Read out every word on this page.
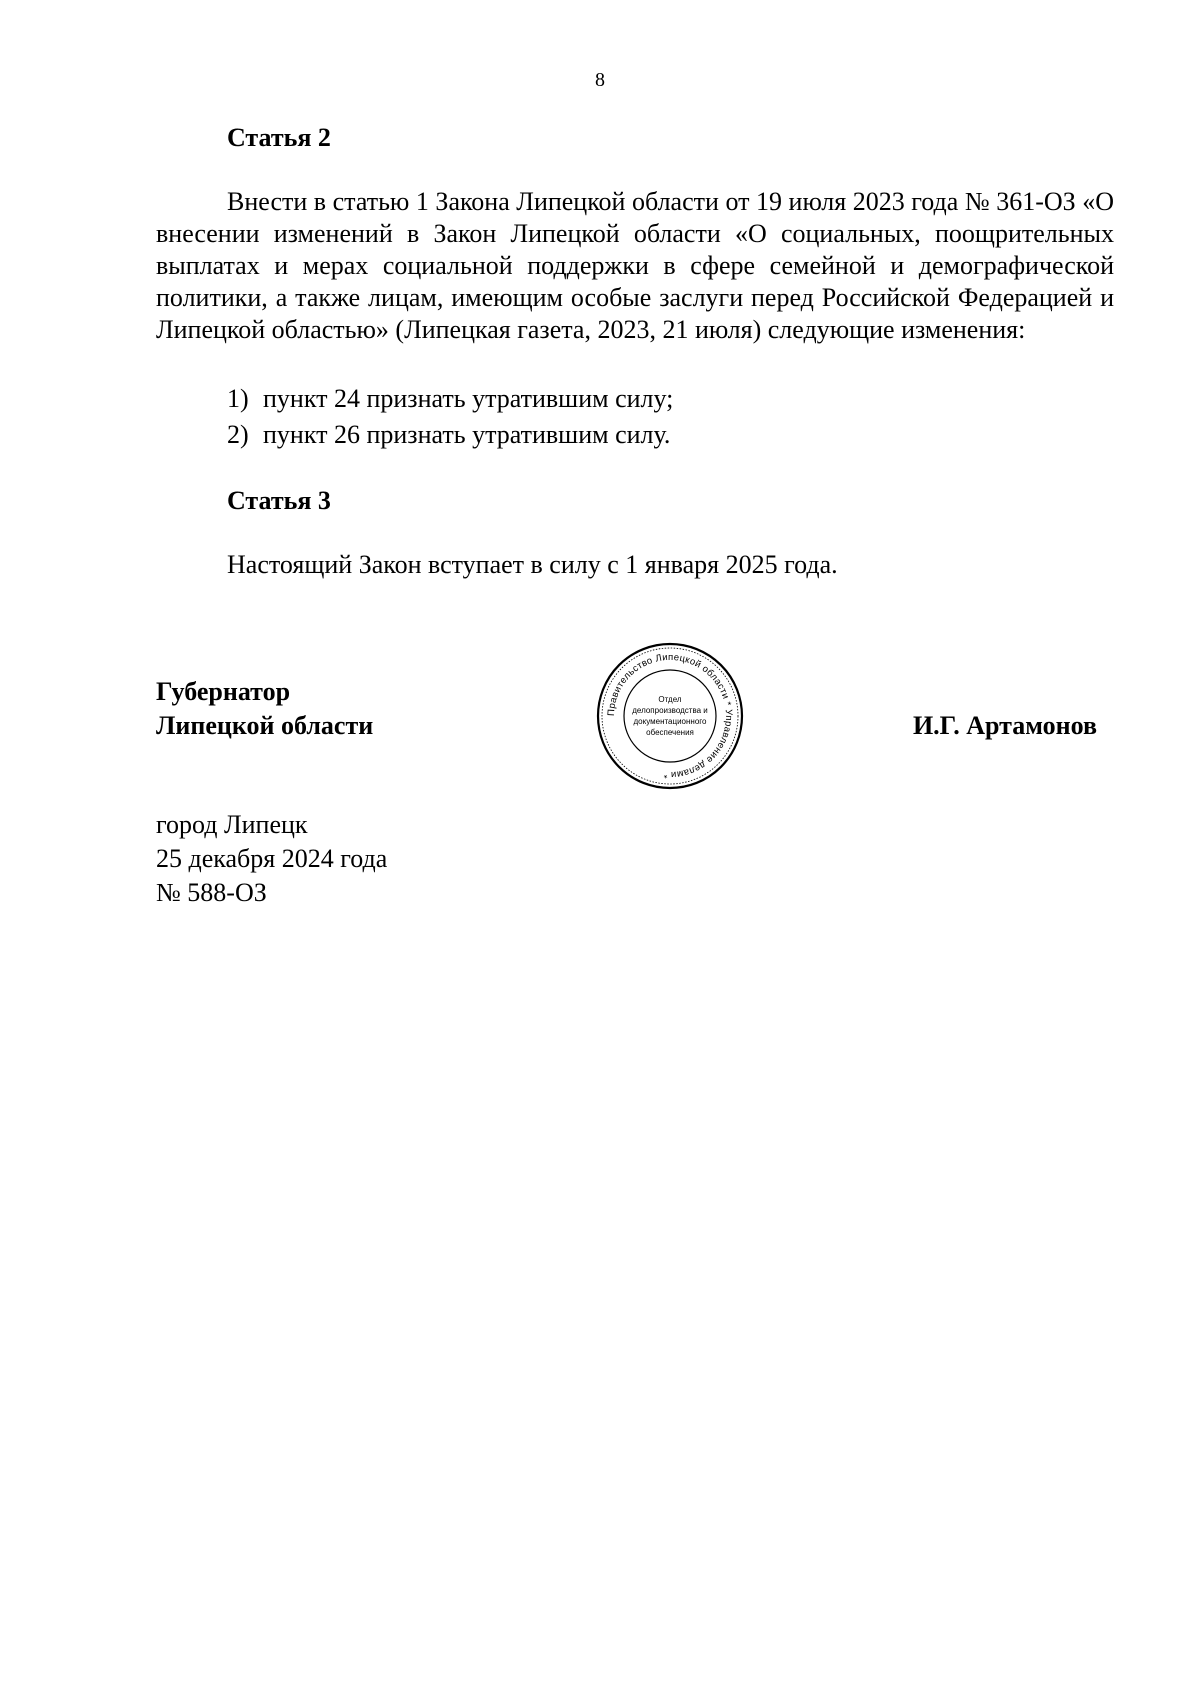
8
Статья 2
Внести в статью 1 Закона Липецкой области от 19 июля 2023 года № 361-ОЗ «О внесении изменений в Закон Липецкой области «О социальных, поощрительных выплатах и мерах социальной поддержки в сфере семейной и демографической политики, а также лицам, имеющим особые заслуги перед Российской Федерацией и Липецкой областью» (Липецкая газета, 2023, 21 июля) следующие изменения:
1) пункт 24 признать утратившим силу;
2) пункт 26 признать утратившим силу.
Статья 3
Настоящий Закон вступает в силу с 1 января 2025 года.
Губернатор
Липецкой области	Правительство Липецкой области * Управление делами *
Отдел
делопроизводства и
документационного
обеспечения	И.Г. Артамонов
город Липецк
25 декабря 2024 года
№ 588-ОЗ
